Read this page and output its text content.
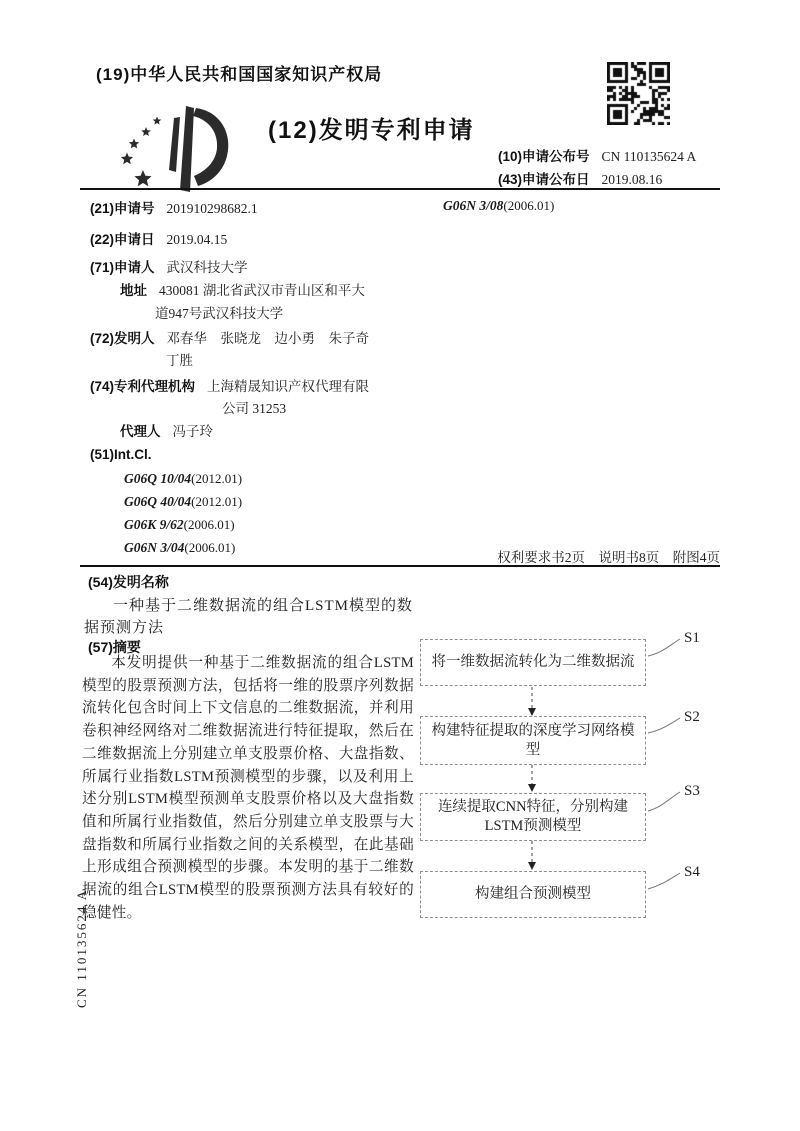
(19)中华人民共和国国家知识产权局
(12)发明专利申请
(10)申请公布号 CN 110135624 A
(43)申请公布日 2019.08.16
(21)申请号 201910298682.1
(22)申请日 2019.04.15
(71)申请人 武汉科技大学
地址 430081 湖北省武汉市青山区和平大
道947号武汉科技大学
(72)发明人 邓春华　张晓龙　边小勇　朱子奇
丁胜
(74)专利代理机构 上海精晟知识产权代理有限
公司 31253
代理人 冯子玲
(51)Int.Cl.
G06Q 10/04(2012.01)
G06Q 40/04(2012.01)
G06K 9/62(2006.01)
G06N 3/04(2006.01)
G06N 3/08(2006.01)
权利要求书2页　说明书8页　附图4页
(54)发明名称
一种基于二维数据流的组合LSTM模型的数
据预测方法
(57)摘要

本发明提供一种基于二维数据流的组合LSTM模型的股票预测方法，包括将一维的股票序列数据流转化包含时间上下文信息的二维数据流，并利用卷积神经网络对二维数据流进行特征提取，然后在二维数据流上分别建立单支股票价格、大盘指数、所属行业指数LSTM预测模型的步骤，以及利用上述分别LSTM模型预测单支股票价格以及大盘指数值和所属行业指数值，然后分别建立单支股票与大盘指数和所属行业指数之间的关系模型，在此基础上形成组合预测模型的步骤。本发明的基于二维数据流的组合LSTM模型的股票预测方法具有较好的稳健性。

将一维数据流转化为二维数据流
构建特征提取的深度学习网络模型
连续提取CNN特征，分别构建LSTM预测模型
构建组合预测模型
S1
S2
S3
S4
CN 110135624 A
